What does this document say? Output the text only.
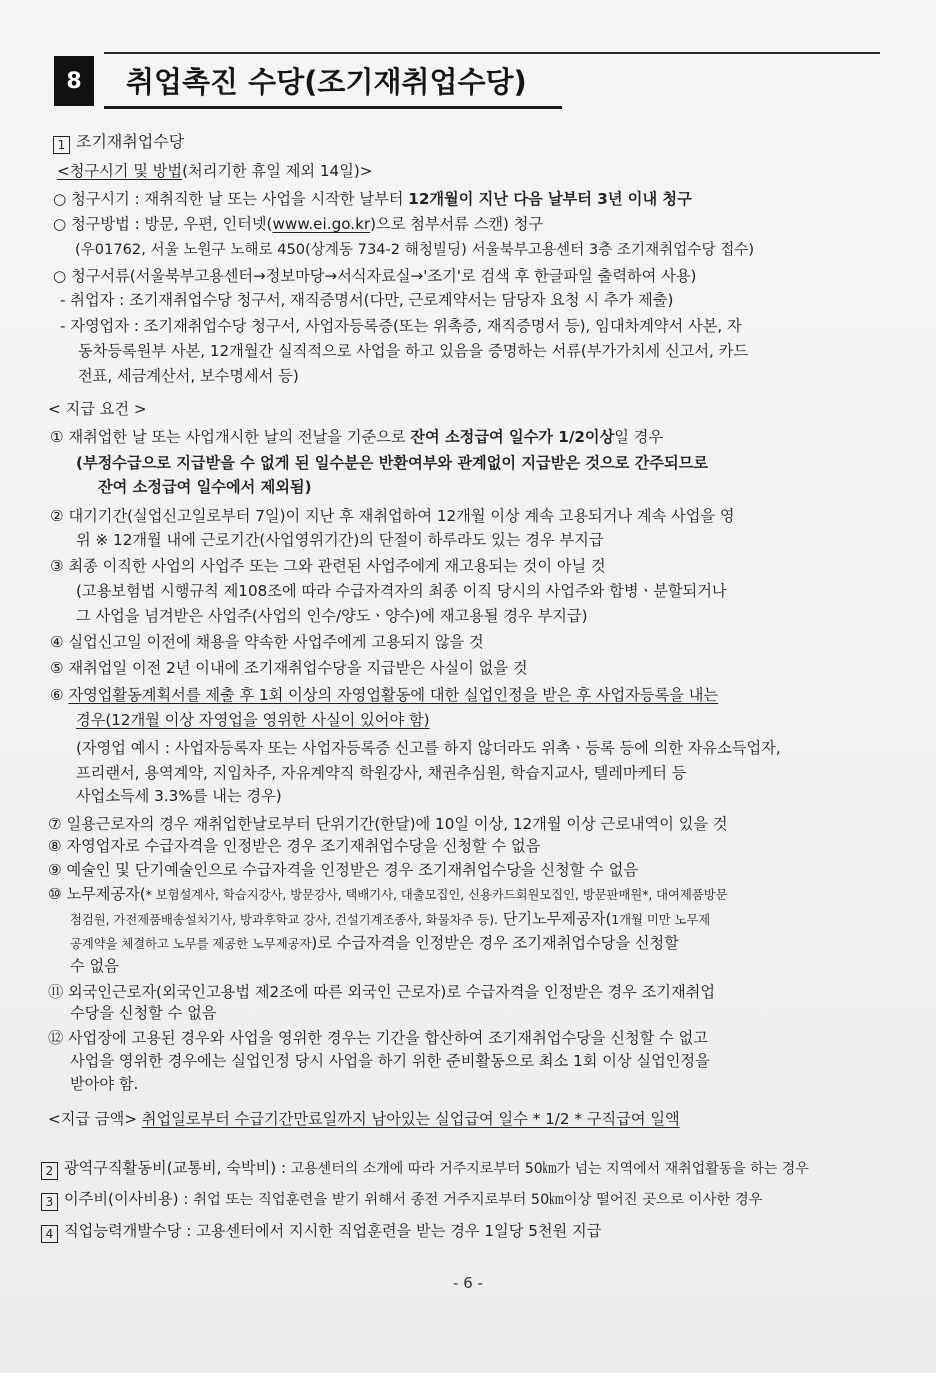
8	취업촉진 수당(조기재취업수당)
1 조기재취업수당
<청구시기 및 방법(처리기한 휴일 제외 14일)>
○ 청구시기 : 재취직한 날 또는 사업을 시작한 날부터 12개월이 지난 다음 날부터 3년 이내 청구
○ 청구방법 : 방문, 우편, 인터넷(www.ei.go.kr)으로 첨부서류 스캔) 청구
(우01762, 서울 노원구 노해로 450(상계동 734-2 해청빌딩) 서울북부고용센터 3층 조기재취업수당 접수)
○ 청구서류(서울북부고용센터→정보마당→서식자료실→'조기'로 검색 후 한글파일 출력하여 사용)
- 취업자 : 조기재취업수당 청구서, 재직증명서(다만, 근로계약서는 담당자 요청 시 추가 제출)
- 자영업자 : 조기재취업수당 청구서, 사업자등록증(또는 위촉증, 재직증명서 등), 임대차계약서 사본, 자
동차등록원부 사본, 12개월간 실직적으로 사업을 하고 있음을 증명하는 서류(부가가치세 신고서, 카드
전표, 세금계산서, 보수명세서 등)
< 지급 요건 >
① 재취업한 날 또는 사업개시한 날의 전날을 기준으로 잔여 소정급여 일수가 1/2이상일 경우
(부정수급으로 지급받을 수 없게 된 일수분은 반환여부와 관계없이 지급받은 것으로 간주되므로
잔여 소정급여 일수에서 제외됨)
② 대기기간(실업신고일로부터 7일)이 지난 후 재취업하여 12개월 이상 계속 고용되거나 계속 사업을 영
위 ※ 12개월 내에 근로기간(사업영위기간)의 단절이 하루라도 있는 경우 부지급
③ 최종 이직한 사업의 사업주 또는 그와 관련된 사업주에게 재고용되는 것이 아닐 것
(고용보험법 시행규칙 제108조에 따라 수급자격자의 최종 이직 당시의 사업주와 합병ㆍ분할되거나
그 사업을 넘겨받은 사업주(사업의 인수/양도ㆍ양수)에 재고용될 경우 부지급)
④ 실업신고일 이전에 채용을 약속한 사업주에게 고용되지 않을 것
⑤ 재취업일 이전 2년 이내에 조기재취업수당을 지급받은 사실이 없을 것
⑥ 자영업활동계획서를 제출 후 1회 이상의 자영업활동에 대한 실업인정을 받은 후 사업자등록을 내는
경우(12개월 이상 자영업을 영위한 사실이 있어야 함)
(자영업 예시 : 사업자등록자 또는 사업자등록증 신고를 하지 않더라도 위촉ㆍ등록 등에 의한 자유소득업자,
프리랜서, 용역계약, 지입차주, 자유계약직 학원강사, 채권추심원, 학습지교사, 텔레마케터 등
사업소득세 3.3%를 내는 경우)
⑦ 일용근로자의 경우 재취업한날로부터 단위기간(한달)에 10일 이상, 12개월 이상 근로내역이 있을 것
⑧ 자영업자로 수급자격을 인정받은 경우 조기재취업수당을 신청할 수 없음
⑨ 예술인 및 단기예술인으로 수급자격을 인정받은 경우 조기재취업수당을 신청할 수 없음
⑩ 노무제공자(* 보험설계사, 학습지강사, 방문강사, 택배기사, 대출모집인, 신용카드회원모집인, 방문판매원*, 대여제품방문
점검원, 가전제품배송설치기사, 방과후학교 강사, 건설기계조종사, 화물차주 등). 단기노무제공자(1개월 미만 노무제
공계약을 체결하고 노무를 제공한 노무제공자)로 수급자격을 인정받은 경우 조기재취업수당을 신청할
수 없음
⑪ 외국인근로자(외국인고용법 제2조에 따른 외국인 근로자)로 수급자격을 인정받은 경우 조기재취업
수당을 신청할 수 없음
⑫ 사업장에 고용된 경우와 사업을 영위한 경우는 기간을 합산하여 조기재취업수당을 신청할 수 없고
사업을 영위한 경우에는 실업인정 당시 사업을 하기 위한 준비활동으로 최소 1회 이상 실업인정을
받아야 함.
<지급 금액> 취업일로부터 수급기간만료일까지 남아있는 실업급여 일수 * 1/2 * 구직급여 일액
2 광역구직활동비(교통비, 숙박비) : 고용센터의 소개에 따라 거주지로부터 50㎞가 넘는 지역에서 재취업활동을 하는 경우
3 이주비(이사비용) : 취업 또는 직업훈련을 받기 위해서 종전 거주지로부터 50㎞이상 떨어진 곳으로 이사한 경우
4 직업능력개발수당 : 고용센터에서 지시한 직업훈련을 받는 경우 1일당 5천원 지급
- 6 -
